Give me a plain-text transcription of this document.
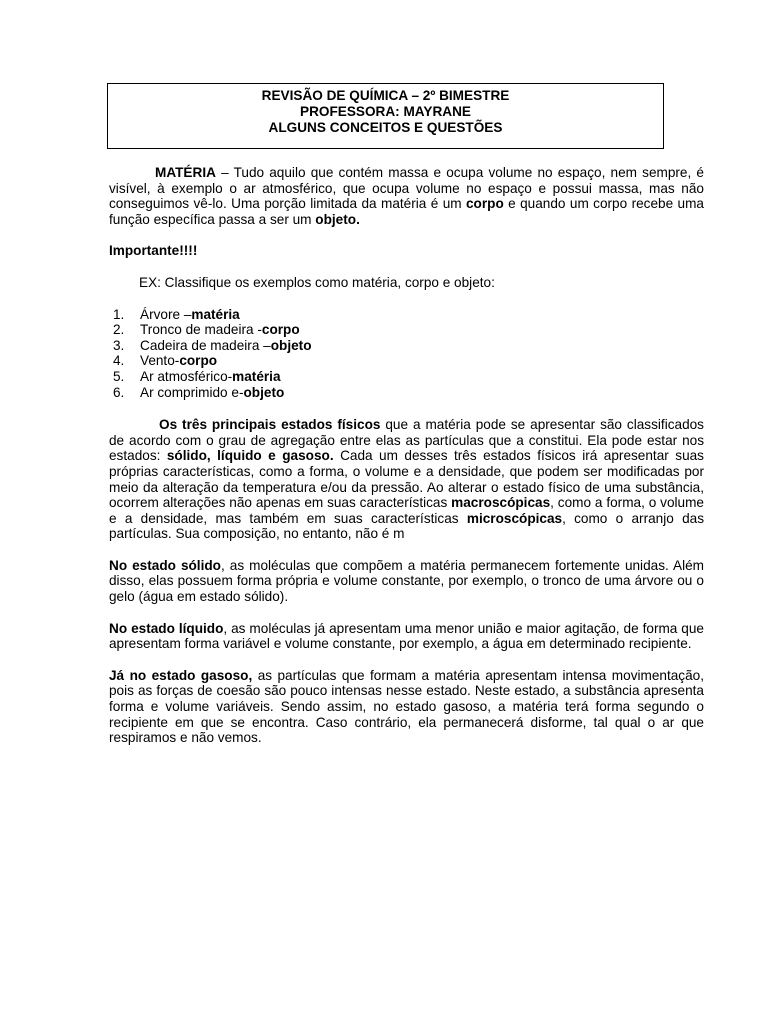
REVISÃO DE QUÍMICA – 2º BIMESTRE
PROFESSORA: MAYRANE
ALGUNS CONCEITOS E QUESTÕES

MATÉRIA – Tudo aquilo que contém massa e ocupa volume no espaço, nem sempre, é visível, à exemplo o ar atmosférico, que ocupa volume no espaço e possui massa, mas não conseguimos vê-lo. Uma porção limitada da matéria é um corpo e quando um corpo recebe uma função específica passa a ser um objeto.

Importante!!!!

EX: Classifique os exemplos como matéria, corpo e objeto:

1.	Árvore – matéria
2.	Tronco de madeira - corpo
3.	Cadeira de madeira – objeto
4.	Vento- corpo
5.	Ar atmosférico- matéria
6.	Ar comprimido e- objeto

Os três principais estados físicos que a matéria pode se apresentar são classificados de acordo com o grau de agregação entre elas as partículas que a constitui. Ela pode estar nos estados: sólido, líquido e gasoso. Cada um desses três estados físicos irá apresentar suas próprias características, como a forma, o volume e a densidade, que podem ser modificadas por meio da alteração da temperatura e/ou da pressão. Ao alterar o estado físico de uma substância, ocorrem alterações não apenas em suas características macroscópicas, como a forma, o volume e a densidade, mas também em suas características microscópicas, como o arranjo das partículas. Sua composição, no entanto, não é m

No estado sólido, as moléculas que compõem a matéria permanecem fortemente unidas. Além disso, elas possuem forma própria e volume constante, por exemplo, o tronco de uma árvore ou o gelo (água em estado sólido).

No estado líquido, as moléculas já apresentam uma menor união e maior agitação, de forma que apresentam forma variável e volume constante, por exemplo, a água em determinado recipiente.

Já no estado gasoso, as partículas que formam a matéria apresentam intensa movimentação, pois as forças de coesão são pouco intensas nesse estado. Neste estado, a substância apresenta forma e volume variáveis. Sendo assim, no estado gasoso, a matéria terá forma segundo o recipiente em que se encontra. Caso contrário, ela permanecerá disforme, tal qual o ar que respiramos e não vemos.
